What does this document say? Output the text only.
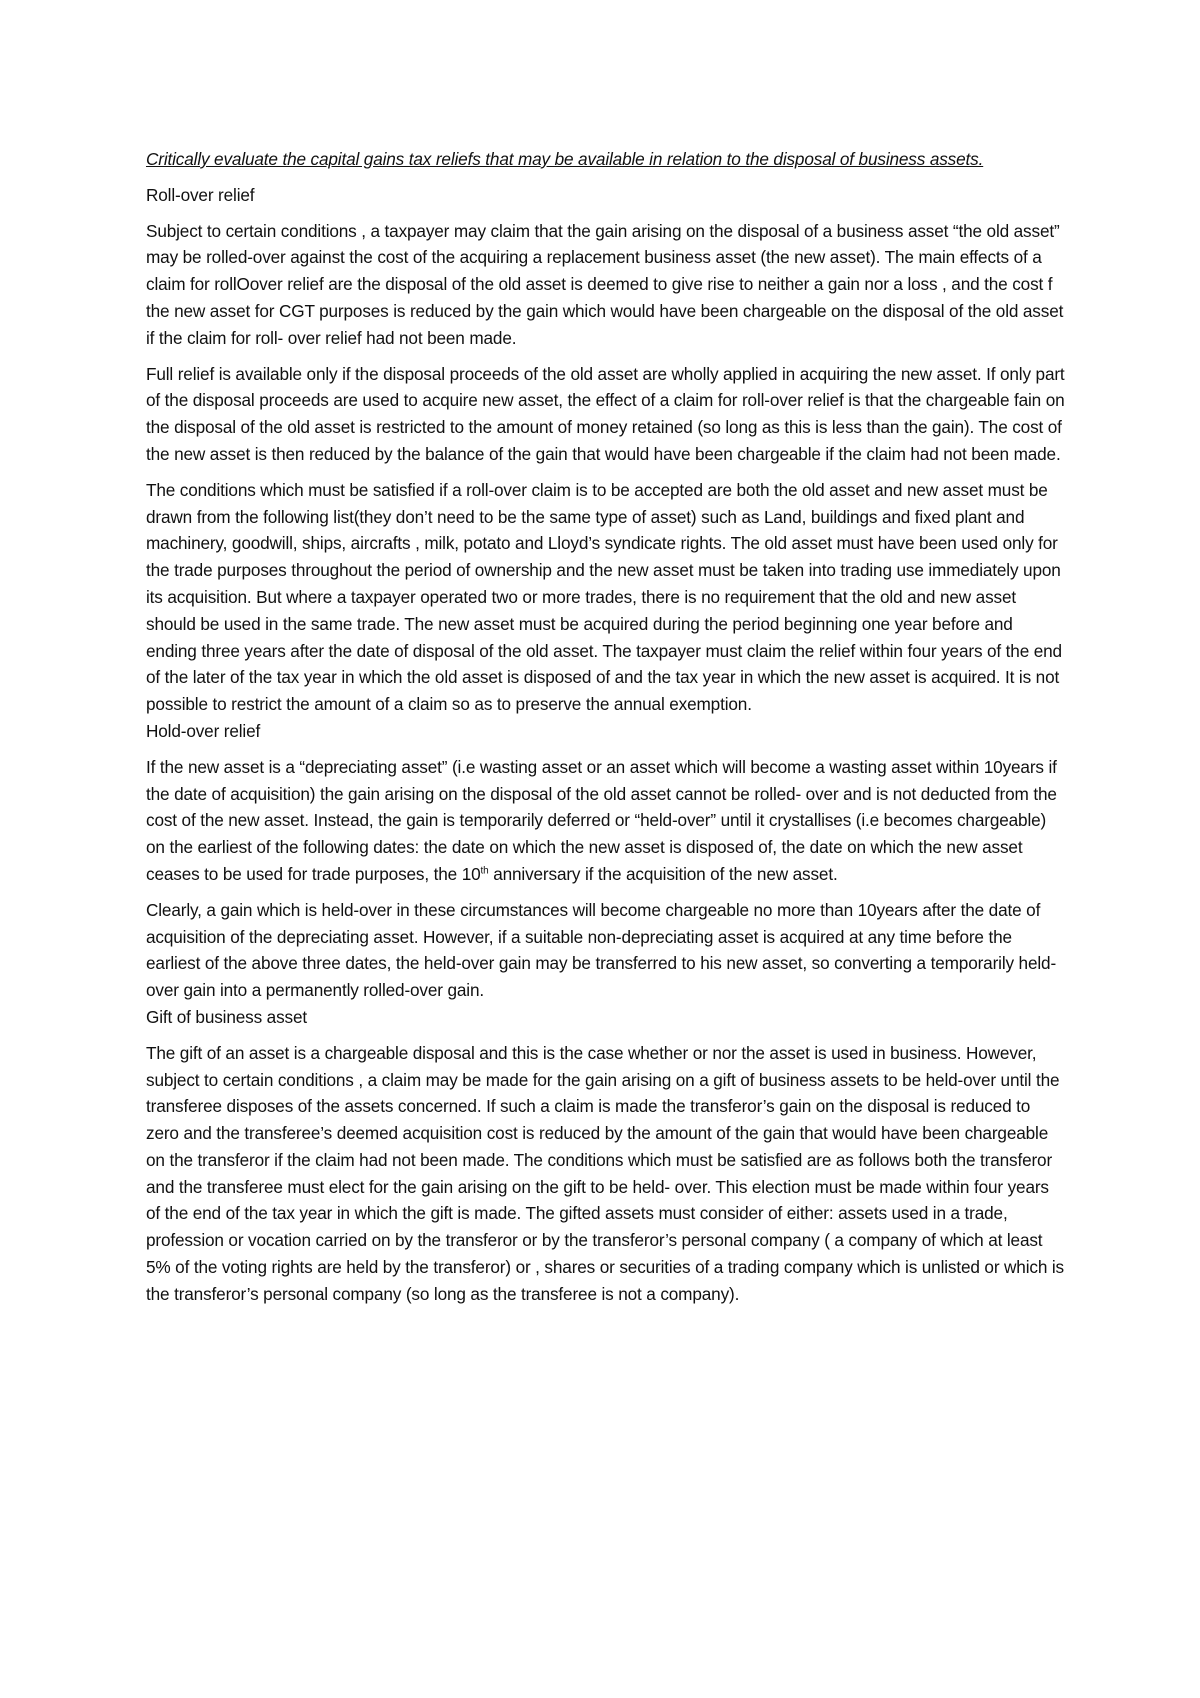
Critically evaluate the capital gains tax reliefs that may be available in relation to the disposal of business assets.

Roll-over relief

Subject to certain conditions , a taxpayer may claim that the gain arising on the disposal of a business asset “the old asset” may be rolled-over against the cost of the acquiring a replacement business asset (the new asset). The main effects of a claim for rollOover relief are the disposal of the old asset is deemed to give rise to neither a gain nor a loss , and the cost f the new asset for CGT purposes is reduced by the gain which would have been chargeable on the disposal of the old asset if the claim for roll- over relief had not been made.

Full relief is available only if the disposal proceeds of the old asset are wholly applied in acquiring the new asset. If only part of the disposal proceeds are used to acquire new asset, the effect of a claim for roll-over relief is that the chargeable fain on the disposal of the old asset is restricted to the amount of money retained (so long as this is less than the gain). The cost of the new asset is then reduced by the balance of the gain that would have been chargeable if the claim had not been made.

The conditions which must be satisfied if a roll-over claim is to be accepted are both the old asset and new asset must be drawn from the following list(they don’t need to be the same type of asset) such as Land, buildings and fixed plant and machinery, goodwill, ships, aircrafts , milk, potato and Lloyd’s syndicate rights. The old asset must have been used only for the trade purposes throughout the period of ownership and the new asset must be taken into trading use immediately upon its acquisition. But where a taxpayer operated two or more trades, there is no requirement that the old and new asset should be used in the same trade. The new asset must be acquired during the period beginning one year before and ending three years after the date of disposal of the old asset. The taxpayer must claim the relief within four years of the end of the later of the tax year in which the old asset is disposed of and the tax year in which the new asset is acquired. It is not possible to restrict the amount of a claim so as to preserve the annual exemption.

Hold-over relief

If the new asset is a “depreciating asset” (i.e wasting asset or an asset which will become a wasting asset within 10years if the date of acquisition) the gain arising on the disposal of the old asset cannot be rolled- over and is not deducted from the cost of the new asset. Instead, the gain is temporarily deferred or “held-over” until it crystallises (i.e becomes chargeable) on the earliest of the following dates: the date on which the new asset is disposed of, the date on which the new asset ceases to be used for trade purposes, the 10th anniversary if the acquisition of the new asset.

Clearly, a gain which is held-over in these circumstances will become chargeable no more than 10years after the date of acquisition of the depreciating asset. However, if a suitable non-depreciating asset is acquired at any time before the earliest of the above three dates, the held-over gain may be transferred to his new asset, so converting a temporarily held-over gain into a permanently rolled-over gain.

Gift of business asset

The gift of an asset is a chargeable disposal and this is the case whether or nor the asset is used in business. However, subject to certain conditions , a claim may be made for the gain arising on a gift of business assets to be held-over until the transferee disposes of the assets concerned. If such a claim is made the transferor’s gain on the disposal is reduced to zero and the transferee’s deemed acquisition cost is reduced by the amount of the gain that would have been chargeable on the transferor if the claim had not been made. The conditions which must be satisfied are as follows both the transferor and the transferee must elect for the gain arising on the gift to be held- over. This election must be made within four years of the end of the tax year in which the gift is made. The gifted assets must consider of either: assets used in a trade, profession or vocation carried on by the transferor or by the transferor’s personal company ( a company of which at least 5% of the voting rights are held by the transferor) or , shares or securities of a trading company which is unlisted or which is the transferor’s personal company (so long as the transferee is not a company).
